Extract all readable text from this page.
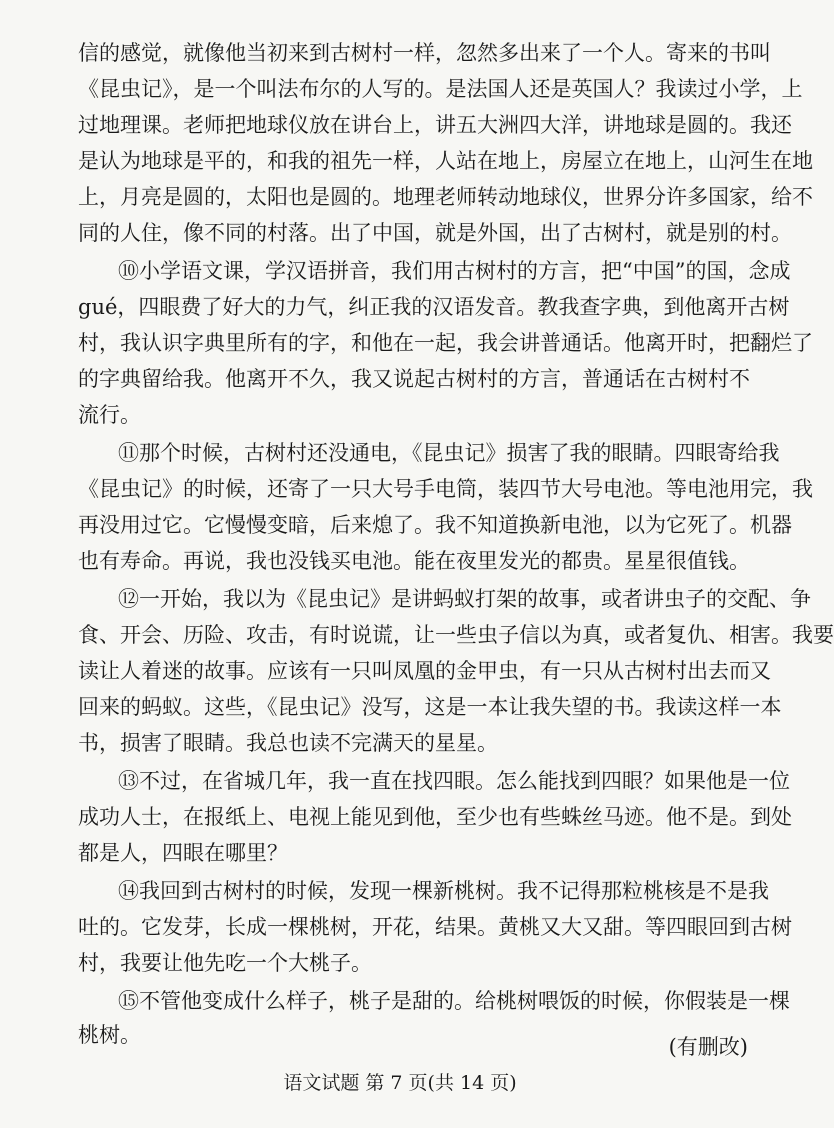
信的感觉，就像他当初来到古树村一样，忽然多出来了一个人。寄来的书叫
《昆虫记》，是一个叫法布尔的人写的。是法国人还是英国人？我读过小学，上
过地理课。老师把地球仪放在讲台上，讲五大洲四大洋，讲地球是圆的。我还
是认为地球是平的，和我的祖先一样，人站在地上，房屋立在地上，山河生在地
上，月亮是圆的，太阳也是圆的。地理老师转动地球仪，世界分许多国家，给不
同的人住，像不同的村落。出了中国，就是外国，出了古树村，就是别的村。
⑩小学语文课，学汉语拼音，我们用古树村的方言，把“中国”的国，念成
gué，四眼费了好大的力气，纠正我的汉语发音。教我查字典，到他离开古树
村，我认识字典里所有的字，和他在一起，我会讲普通话。他离开时，把翻烂了
的字典留给我。他离开不久，我又说起古树村的方言，普通话在古树村不
流行。
⑪那个时候，古树村还没通电，《昆虫记》损害了我的眼睛。四眼寄给我
《昆虫记》的时候，还寄了一只大号手电筒，装四节大号电池。等电池用完，我
再没用过它。它慢慢变暗，后来熄了。我不知道换新电池，以为它死了。机器
也有寿命。再说，我也没钱买电池。能在夜里发光的都贵。星星很值钱。
⑫一开始，我以为《昆虫记》是讲蚂蚁打架的故事，或者讲虫子的交配、争
食、开会、历险、攻击，有时说谎，让一些虫子信以为真，或者复仇、相害。我要
读让人着迷的故事。应该有一只叫凤凰的金甲虫，有一只从古树村出去而又
回来的蚂蚁。这些，《昆虫记》没写，这是一本让我失望的书。我读这样一本
书，损害了眼睛。我总也读不完满天的星星。
⑬不过，在省城几年，我一直在找四眼。怎么能找到四眼？如果他是一位
成功人士，在报纸上、电视上能见到他，至少也有些蛛丝马迹。他不是。到处
都是人，四眼在哪里？
⑭我回到古树村的时候，发现一棵新桃树。我不记得那粒桃核是不是我
吐的。它发芽，长成一棵桃树，开花，结果。黄桃又大又甜。等四眼回到古树
村，我要让他先吃一个大桃子。
⑮不管他变成什么样子，桃子是甜的。给桃树喂饭的时候，你假装是一棵
(有删改)
语文试题 第 7 页(共 14 页)
桃树。
